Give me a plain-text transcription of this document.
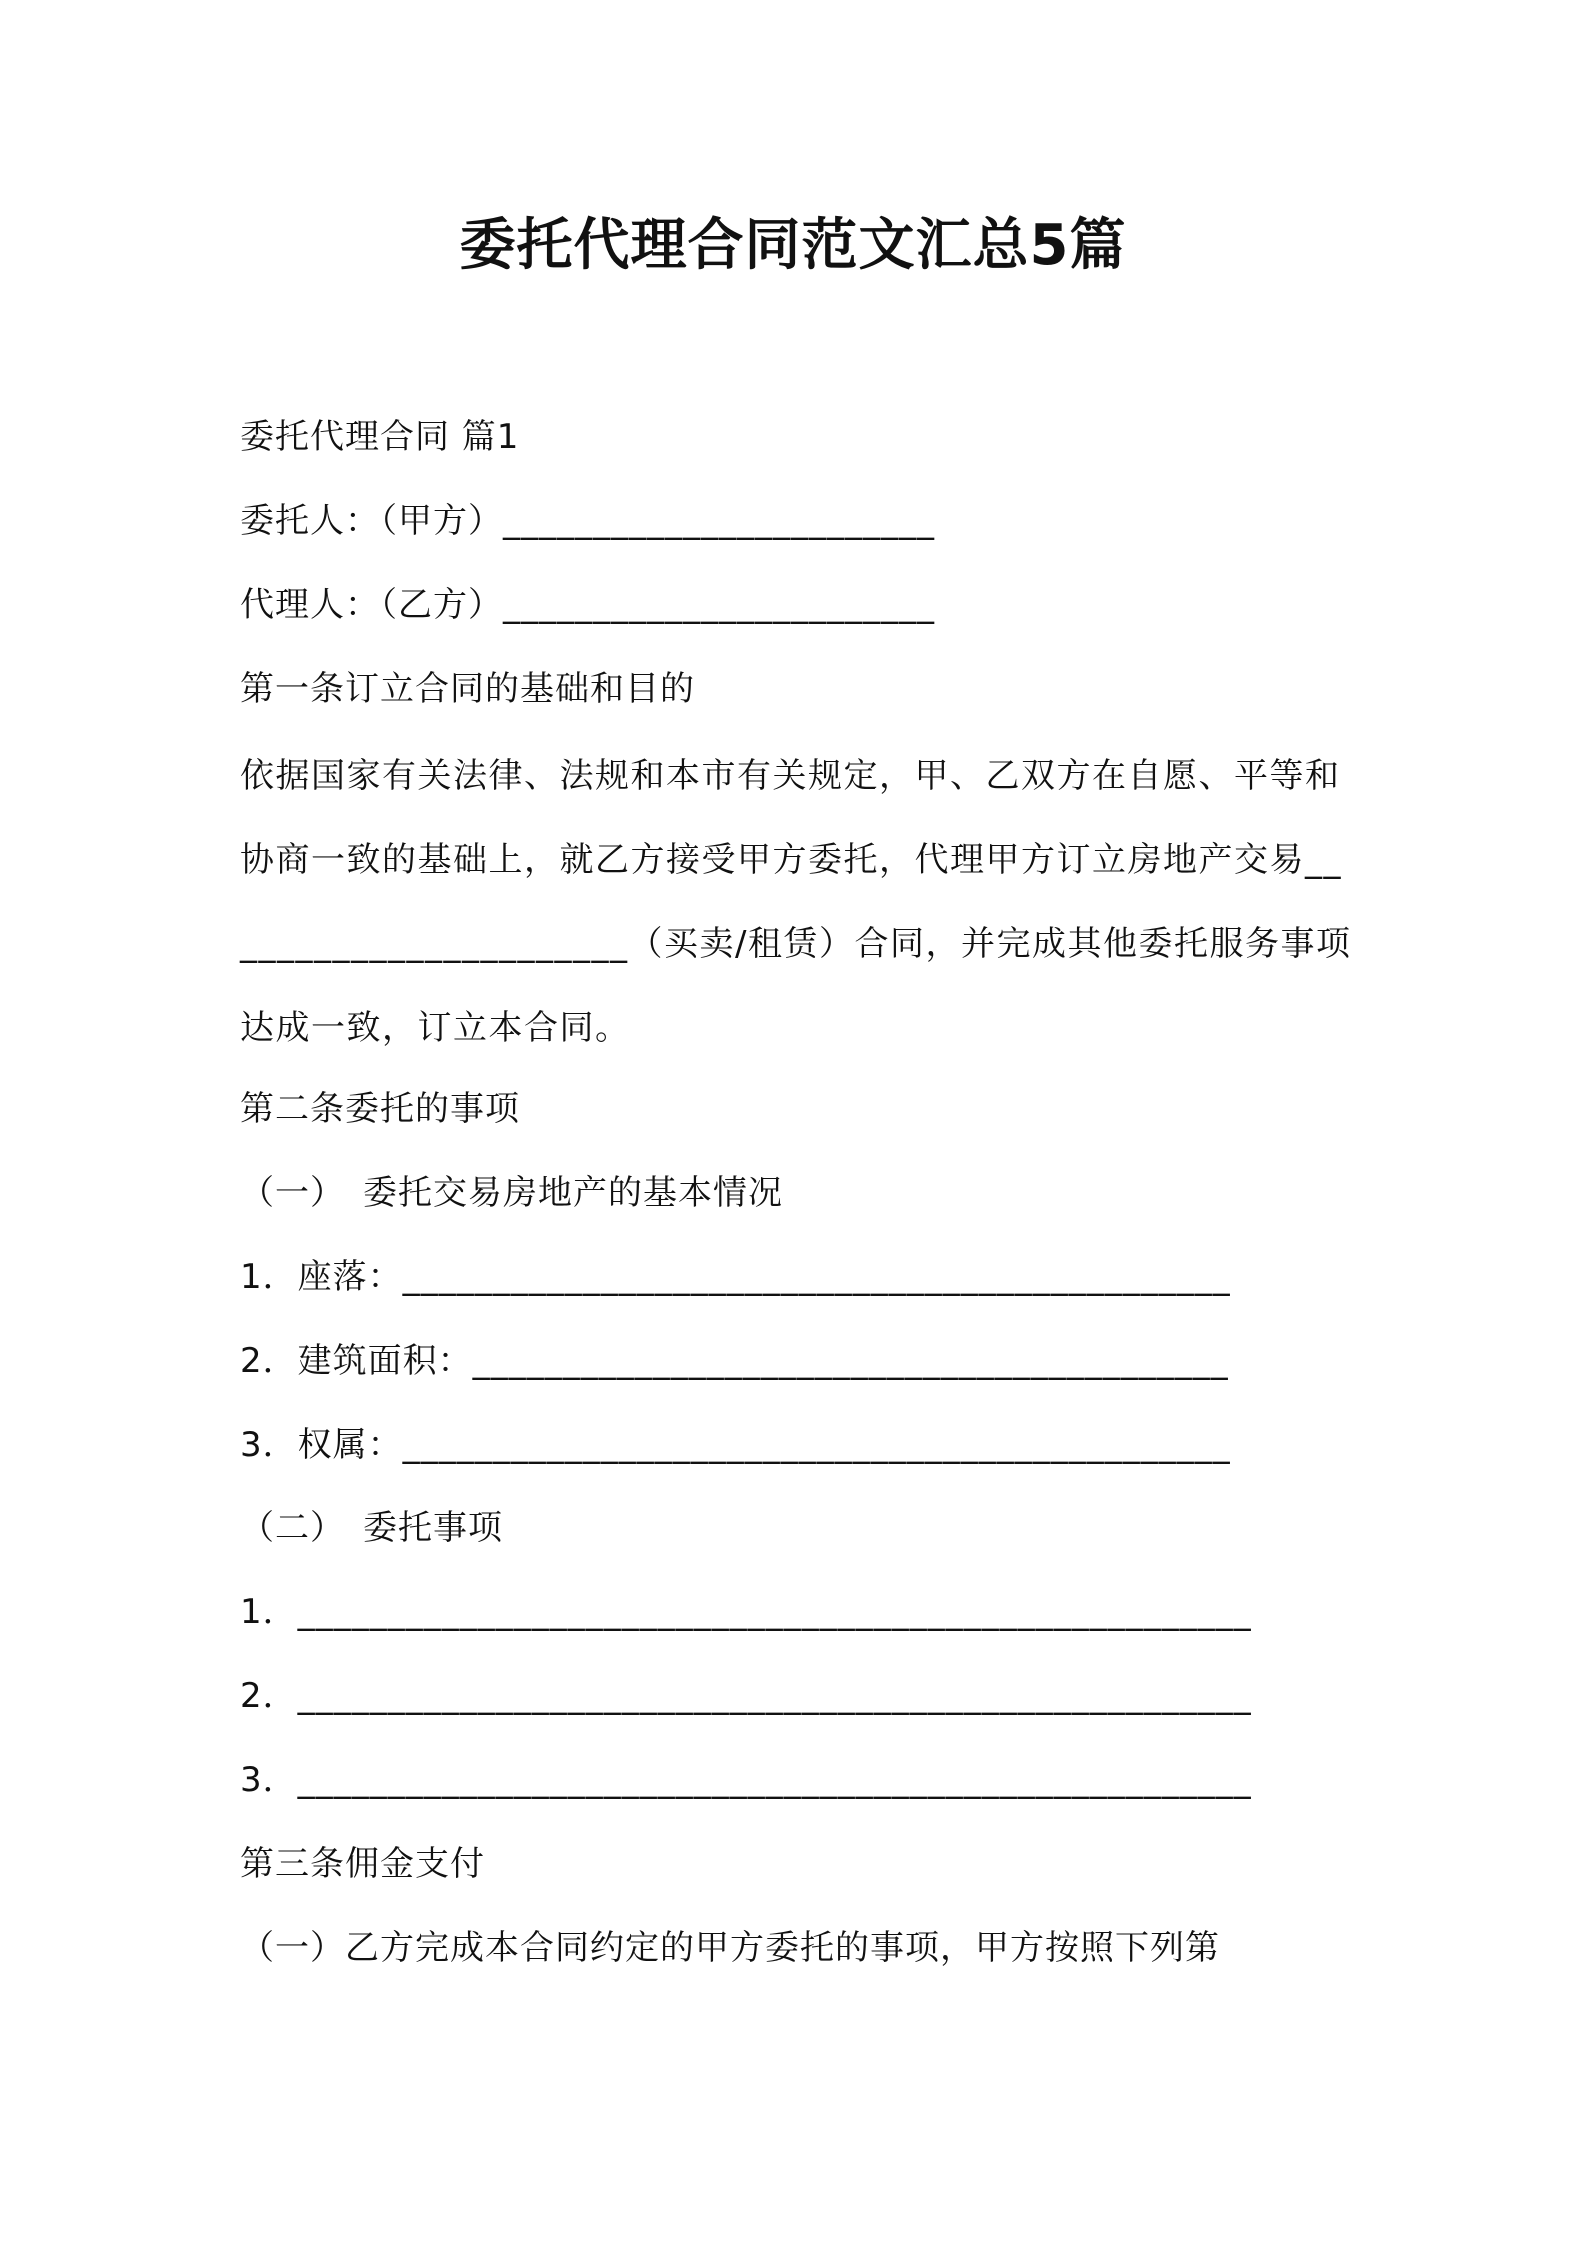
委托代理合同范文汇总5篇
委托代理合同 篇1
委托人：（甲方）________________________
代理人：（乙方）________________________
第一条订立合同的基础和目的
依据国家有关法律、法规和本市有关规定，甲、乙双方在自愿、平等和协商一致的基础上，就乙方接受甲方委托，代理甲方订立房地产交易_______________________（买卖/租赁）合同，并完成其他委托服务事项达成一致，订立本合同。
第二条委托的事项
（一）　委托交易房地产的基本情况
1．座落：______________________________________________
2．建筑面积：__________________________________________
3．权属：______________________________________________
（二）　委托事项
1．_____________________________________________________
2．_____________________________________________________
3．_____________________________________________________
第三条佣金支付
（一）乙方完成本合同约定的甲方委托的事项，甲方按照下列第
